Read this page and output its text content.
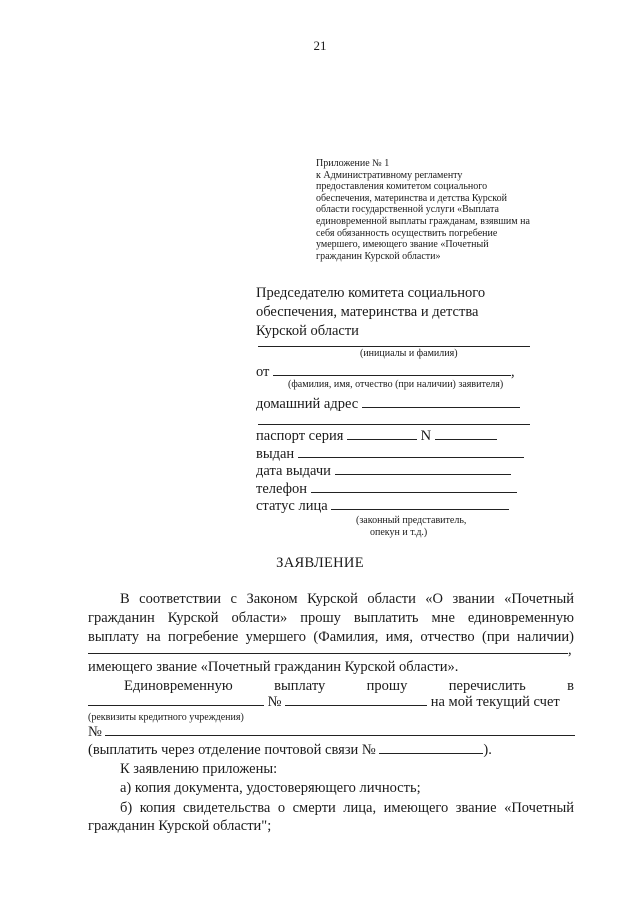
21
Приложение № 1
к Административному регламенту
предоставления комитетом социального
обеспечения, материнства и детства Курской
области государственной услуги «Выплата
единовременной выплаты гражданам, взявшим на
себя обязанность осуществить погребение
умершего, имеющего звание «Почетный
гражданин Курской области»
Председателю комитета социального
обеспечения, материнства и детства
Курской области
(инициалы и фамилия)
от	,
(фамилия, имя, отчество (при наличии) заявителя)
домашний адрес
паспорт серия	N
выдан
дата выдачи
телефон
статус лица
(законный представитель,
опекун и т.д.)
ЗАЯВЛЕНИЕ
В соответствии с Законом Курской области «О звании «Почетный
гражданин Курской области» прошу выплатить мне единовременную
выплату на погребение умершего (Фамилия, имя, отчество (при наличии)
,
имеющего звание «Почетный гражданин Курской области».
Единовременную выплату прошу перечислить в
№	на мой текущий счет
(реквизиты кредитного учреждения)
№
(выплатить через отделение почтовой связи №	).
К заявлению приложены:
а) копия документа, удостоверяющего личность;
б) копия свидетельства о смерти лица, имеющего звание «Почетный
гражданин Курской области";
